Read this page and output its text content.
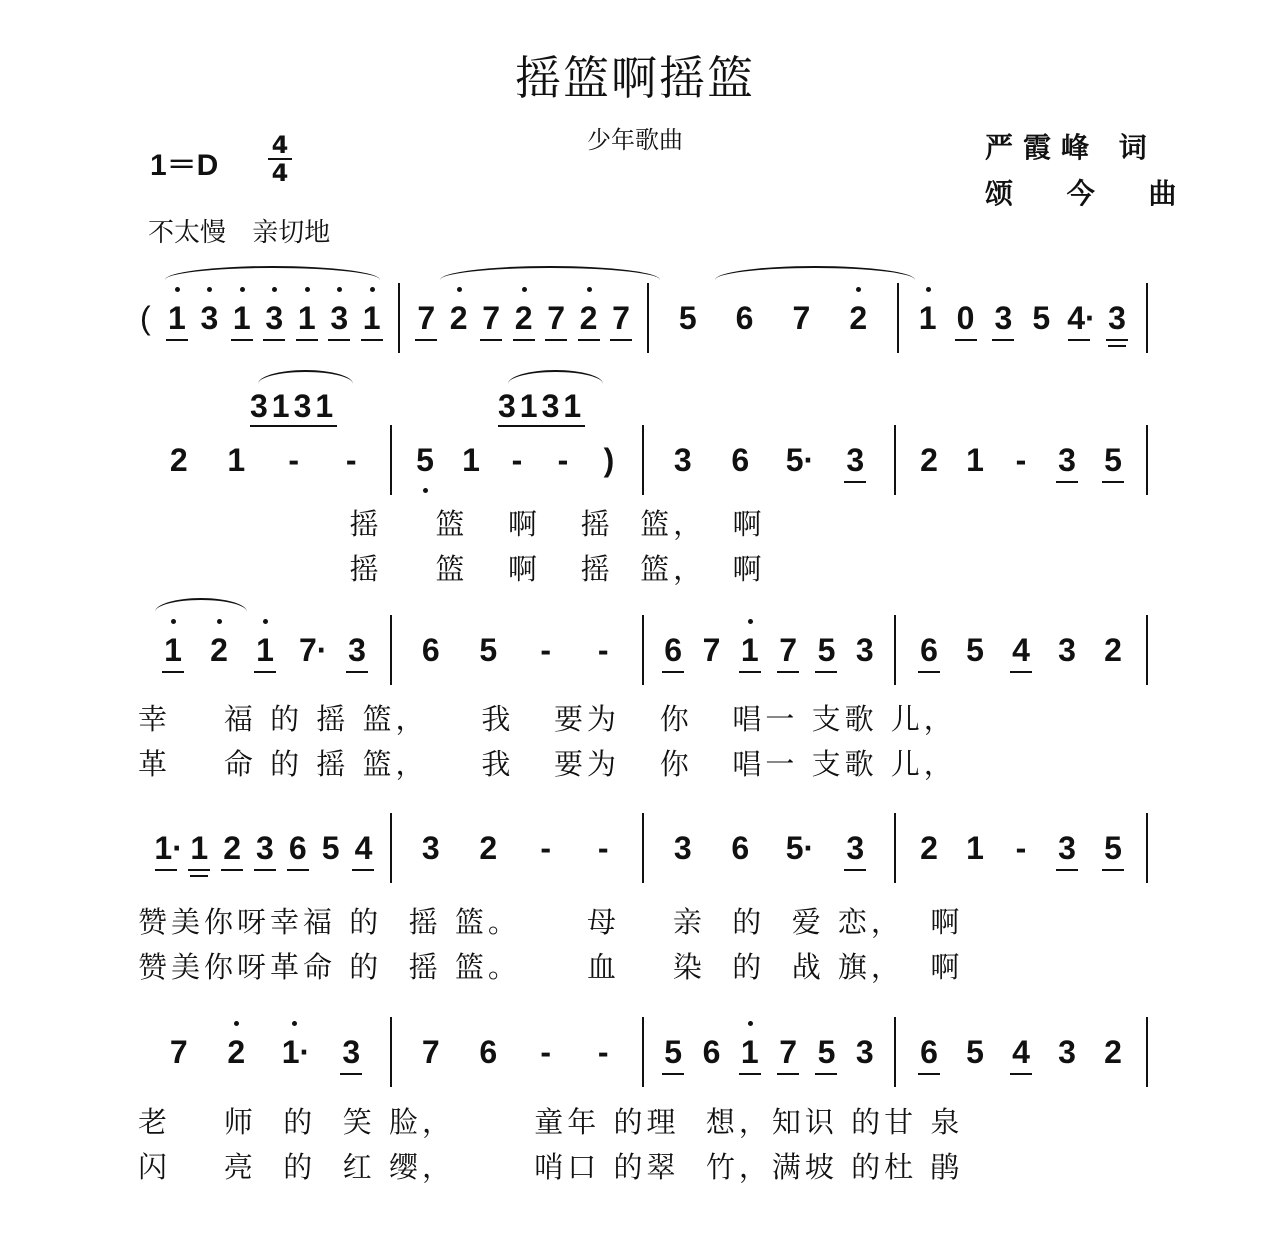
摇篮啊摇篮
少年歌曲
1＝D
4
4
严霞峰 词
颂 今 曲
不太慢 亲切地
3131	3131
( 1 3 1 3 1 3 1 7 2 7 2 7 2 7 5 6 7 2 1 0 3 5 4· 3
2 1 - - 5 1 - - ) 3 6 5· 3 2 1 - 3 5
1 2 1 7· 3 6 5 - - 6 7 1 7 5 3 6 5 4 3 2
1· 1 2 3 6 5 4 3 2 - - 3 6 5· 3 2 1 - 3 5
7 2 1· 3 7 6 - - 5 6 1 7 5 3 6 5 4 3 2
摇    篮   啊   摇  篮，  啊
摇    篮   啊   摇  篮，  啊
幸    福 的 摇 篮，    我   要为   你   唱一 支歌 儿，
革    命 的 摇 篮，    我   要为   你   唱一 支歌 儿，
赞美你呀幸福 的  摇 篮。     母    亲  的  爱 恋，  啊
赞美你呀革命 的  摇 篮。     血    染  的  战 旗，  啊
老    师  的  笑 脸，      童年 的理  想，知识 的甘 泉
闪    亮  的  红 缨，      哨口 的翠  竹，满坡 的杜 鹃
